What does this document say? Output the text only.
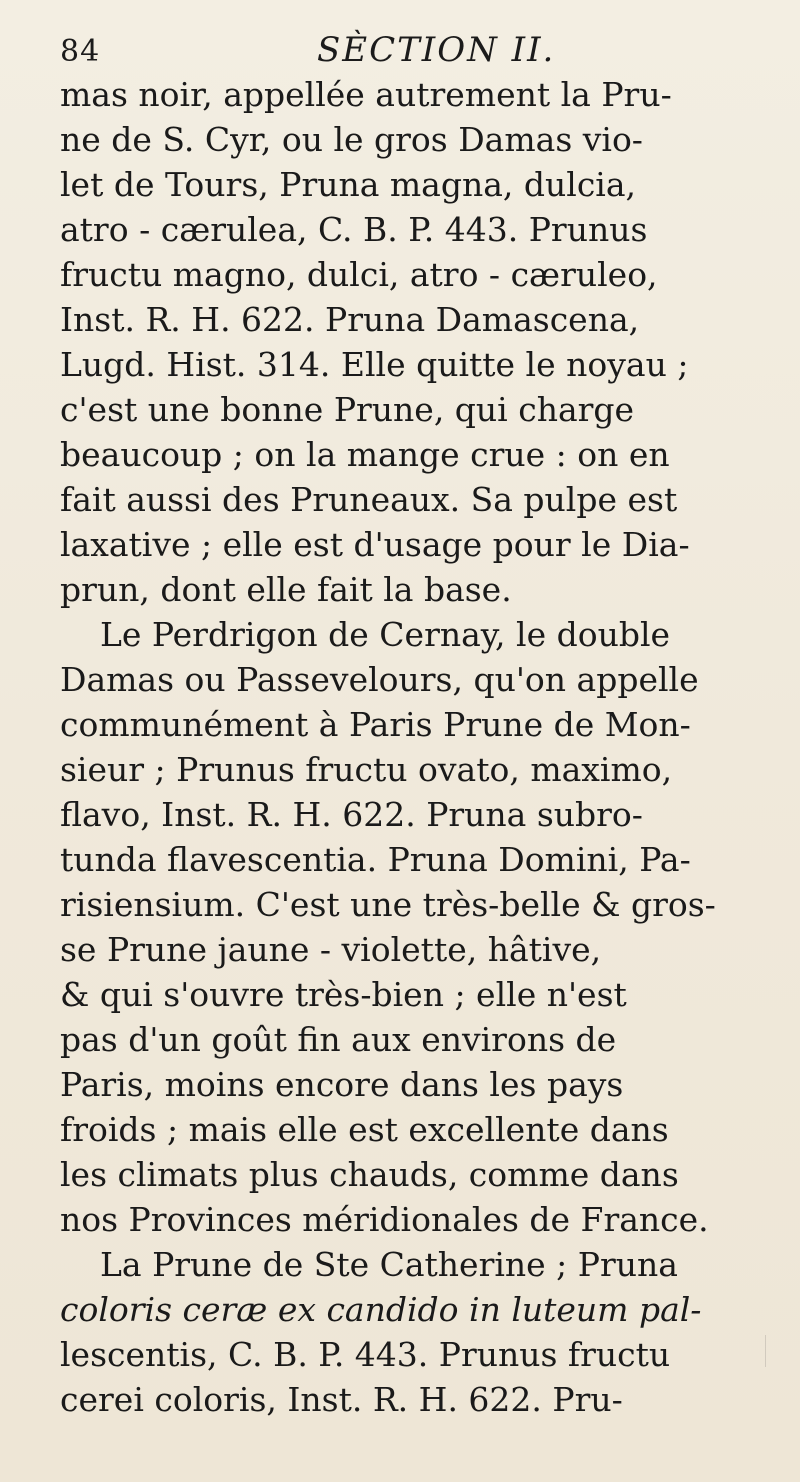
84	SÈCTION II.
mas noir, appellée autrement la Pru-
ne de S. Cyr, ou le gros Damas vio-
let de Tours, Pruna magna, dulcia,
atro - cærulea, C. B. P. 443. Prunus
fructu magno, dulci, atro - cæruleo,
Inst. R. H. 622. Pruna Damascena,
Lugd. Hist. 314. Elle quitte le noyau ;
c'est une bonne Prune, qui charge
beaucoup ; on la mange crue : on en
fait aussi des Pruneaux. Sa pulpe est
laxative ; elle est d'usage pour le Dia-
prun, dont elle fait la base.
Le Perdrigon de Cernay, le double
Damas ou Passevelours, qu'on appelle
communément à Paris Prune de Mon-
sieur ; Prunus fructu ovato, maximo,
flavo, Inst. R. H. 622. Pruna subro-
tunda flavescentia. Pruna Domini, Pa-
risiensium. C'est une très-belle & gros-
se Prune jaune - violette, hâtive,
& qui s'ouvre très-bien ; elle n'est
pas d'un goût fin aux environs de
Paris, moins encore dans les pays
froids ; mais elle est excellente dans
les climats plus chauds, comme dans
nos Provinces méridionales de France.
La Prune de Ste Catherine ; Pruna
coloris ceræ ex candido in luteum pal-
lescentis, C. B. P. 443. Prunus fructu
cerei coloris, Inst. R. H. 622. Pru-
